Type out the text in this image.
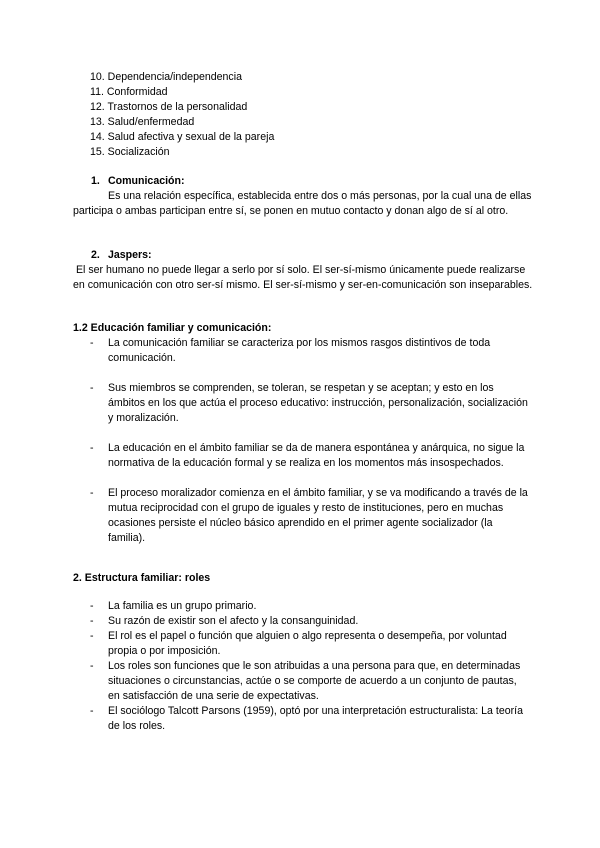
10. Dependencia/independencia
11. Conformidad
12. Trastornos de la personalidad
13. Salud/enfermedad
14. Salud afectiva y sexual de la pareja
15. Socialización
1. Comunicación:

Es una relación específica, establecida entre dos o más personas, por la cual una de ellas participa o ambas participan entre sí, se ponen en mutuo contacto y donan algo de sí al otro.

2. Jaspers:

El ser humano no puede llegar a serlo por sí solo. El ser-sí-mismo únicamente puede realizarse en comunicación con otro ser-sí mismo. El ser-sí-mismo y ser-en-comunicación son inseparables.

1.2 Educación familiar y comunicación:
- La comunicación familiar se caracteriza por los mismos rasgos distintivos de toda comunicación.
- Sus miembros se comprenden, se toleran, se respetan y se aceptan; y esto en los ámbitos en los que actúa el proceso educativo: instrucción, personalización, socialización y moralización.
- La educación en el ámbito familiar se da de manera espontánea y anárquica, no sigue la normativa de la educación formal y se realiza en los momentos más insospechados.
- El proceso moralizador comienza en el ámbito familiar, y se va modificando a través de la mutua reciprocidad con el grupo de iguales y resto de instituciones, pero en muchas ocasiones persiste el núcleo básico aprendido en el primer agente socializador (la familia).
2. Estructura familiar: roles
- La familia es un grupo primario.
- Su razón de existir son el afecto y la consanguinidad.
- El rol es el papel o función que alguien o algo representa o desempeña, por voluntad propia o por imposición.
- Los roles son funciones que le son atribuidas a una persona para que, en determinadas situaciones o circunstancias, actúe o se comporte de acuerdo a un conjunto de pautas, en satisfacción de una serie de expectativas.
- El sociólogo Talcott Parsons (1959), optó por una interpretación estructuralista: La teoría de los roles.
